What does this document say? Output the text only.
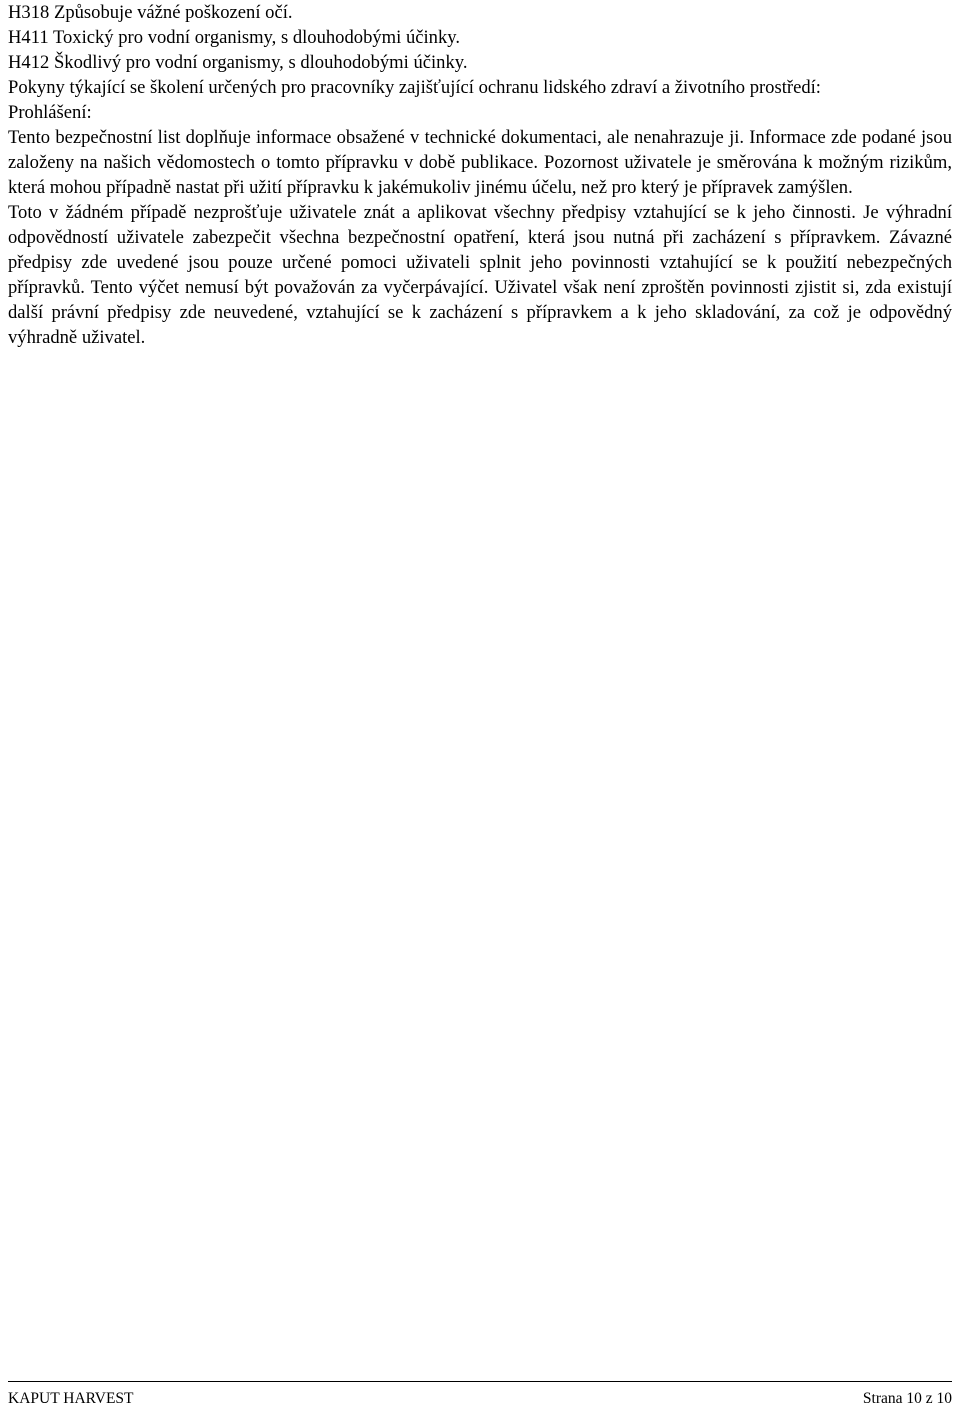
H318 Způsobuje vážné poškození očí.
H411 Toxický pro vodní organismy, s dlouhodobými účinky.
H412 Škodlivý pro vodní organismy, s dlouhodobými účinky.
Pokyny týkající se školení určených pro pracovníky zajišťující ochranu lidského zdraví a životního prostředí:
Prohlášení:
Tento bezpečnostní list doplňuje informace obsažené v technické dokumentaci, ale nenahrazuje ji. Informace zde podané jsou založeny na našich vědomostech o tomto přípravku v době publikace. Pozornost uživatele je směrována k možným rizikům, která mohou případně nastat při užití přípravku k jakémukoliv jinému účelu, než pro který je přípravek zamýšlen.
Toto v žádném případě nezprošťuje uživatele znát a aplikovat všechny předpisy vztahující se k jeho činnosti. Je výhradní odpovědností uživatele zabezpečit všechna bezpečnostní opatření, která jsou nutná při zacházení s přípravkem. Závazné předpisy zde uvedené jsou pouze určené pomoci uživateli splnit jeho povinnosti vztahující se k použití nebezpečných přípravků. Tento výčet nemusí být považován za vyčerpávající. Uživatel však není zproštěn povinnosti zjistit si, zda existují další právní předpisy zde neuvedené, vztahující se k zacházení s přípravkem a k jeho skladování, za což je odpovědný výhradně uživatel.
KAPUT HARVEST	Strana 10 z 10
